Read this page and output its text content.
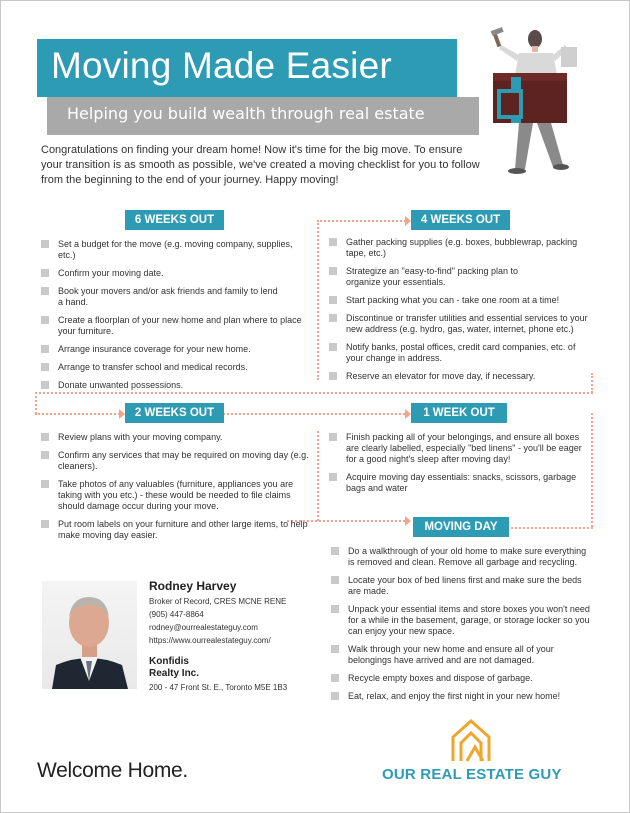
Moving Made Easier
Helping you build wealth through real estate
Congratulations on finding your dream home! Now it's time for the big move. To ensure your transition is as smooth as possible, we've created a moving checklist for you to follow from the beginning to the end of your journey. Happy moving!
6 WEEKS OUT
Set a budget for the move (e.g. moving company, supplies, etc.)
Confirm your moving date.
Book your movers and/or ask friends and family to lend a hand.
Create a floorplan of your new home and plan where to place your furniture.
Arrange insurance coverage for your new home.
Arrange to transfer school and medical records.
Donate unwanted possessions.
4 WEEKS OUT
Gather packing supplies (e.g. boxes, bubblewrap, packing tape, etc.)
Strategize an "easy-to-find" packing plan to organize your essentials.
Start packing what you can - take one room at a time!
Discontinue or transfer utilities and essential services to your new address (e.g. hydro, gas, water, internet, phone etc.)
Notify banks, postal offices, credit card companies, etc. of your change in address.
Reserve an elevator for move day, if necessary.
2 WEEKS OUT
Review plans with your moving company.
Confirm any services that may be required on moving day (e.g. cleaners).
Take photos of any valuables (furniture, appliances you are taking with you etc.) - these would be needed to file claims should damage occur during your move.
Put room labels on your furniture and other large items, to help make moving day easier.
1 WEEK OUT
Finish packing all of your belongings, and ensure all boxes are clearly labelled, especially "bed linens" - you'll be eager for a good night's sleep after moving day!
Acquire moving day essentials: snacks, scissors, garbage bags and water
MOVING DAY
Do a walkthrough of your old home to make sure everything is removed and clean. Remove all garbage and recycling.
Locate your box of bed linens first and make sure the beds are made.
Unpack your essential items and store boxes you won't need for a while in the basement, garage, or storage locker so you can enjoy your new space.
Walk through your new home and ensure all of your belongings have arrived and are not damaged.
Recycle empty boxes and dispose of garbage.
Eat, relax, and enjoy the first night in your new home!
Rodney Harvey
Broker of Record, CRES MCNE RENE
(905) 447-8864
rodney@ourrealestateguy.com
https://www.ourrealestateguy.com/
Konfidis
Realty Inc.
200 - 47 Front St. E., Toronto M5E 1B3
Welcome Home.	OUR REAL ESTATE GUY
